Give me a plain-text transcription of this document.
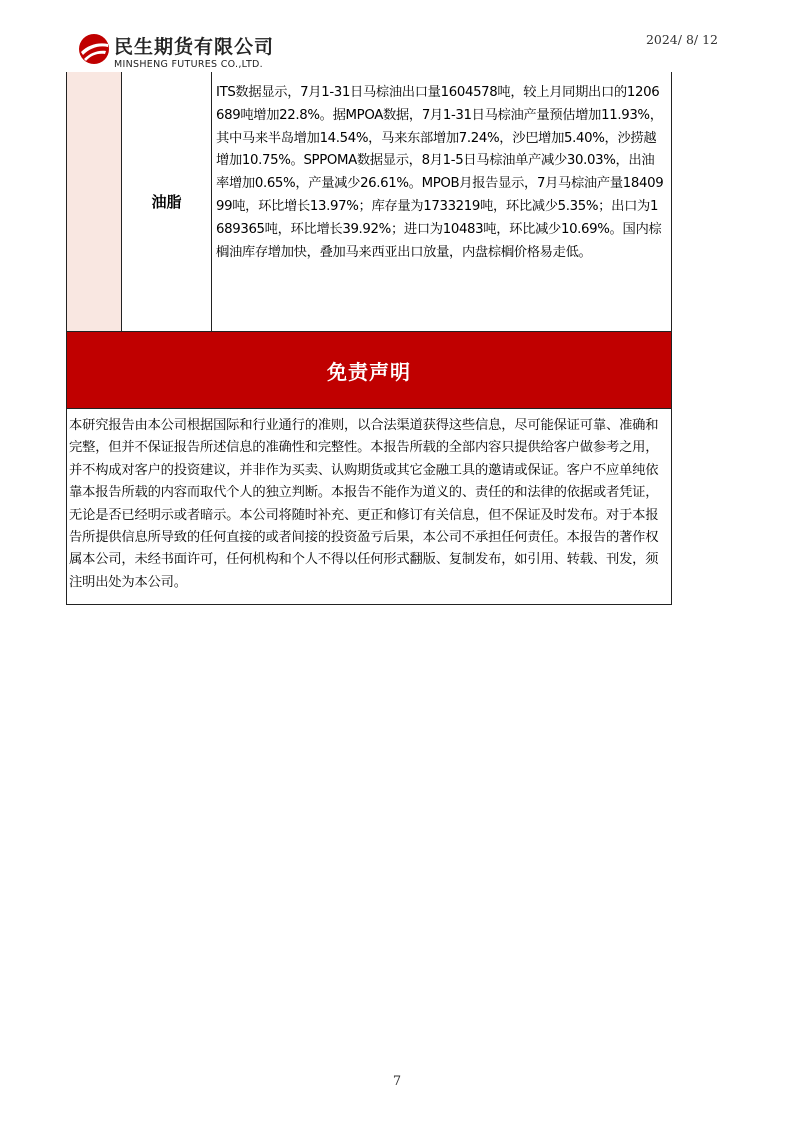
民生期货有限公司
MINSHENG FUTURES CO.,LTD.
2024/ 8/ 12
油脂
ITS数据显示，7月1-31日马棕油出口量1604578吨，较上月同期出口的1206689吨增加22.8%。据MPOA数据，7月1-31日马棕油产量预估增加11.93%，其中马来半岛增加14.54%，马来东部增加7.24%，沙巴增加5.40%，沙捞越增加10.75%。SPPOMA数据显示，8月1-5日马棕油单产减少30.03%，出油率增加0.65%，产量减少26.61%。MPOB月报告显示，7月马棕油产量1840999吨，环比增长13.97%；库存量为1733219吨，环比减少5.35%；出口为1689365吨，环比增长39.92%；进口为10483吨，环比减少10.69%。国内棕榈油库存增加快，叠加马来西亚出口放量，内盘棕榈价格易走低。
免责声明
本研究报告由本公司根据国际和行业通行的准则，以合法渠道获得这些信息，尽可能保证可靠、准确和完整，但并不保证报告所述信息的准确性和完整性。本报告所载的全部内容只提供给客户做参考之用，并不构成对客户的投资建议，并非作为买卖、认购期货或其它金融工具的邀请或保证。客户不应单纯依靠本报告所载的内容而取代个人的独立判断。本报告不能作为道义的、责任的和法律的依据或者凭证，无论是否已经明示或者暗示。本公司将随时补充、更正和修订有关信息，但不保证及时发布。对于本报告所提供信息所导致的任何直接的或者间接的投资盈亏后果，本公司不承担任何责任。本报告的著作权属本公司，未经书面许可，任何机构和个人不得以任何形式翻版、复制发布，如引用、转载、刊发，须注明出处为本公司。
7
